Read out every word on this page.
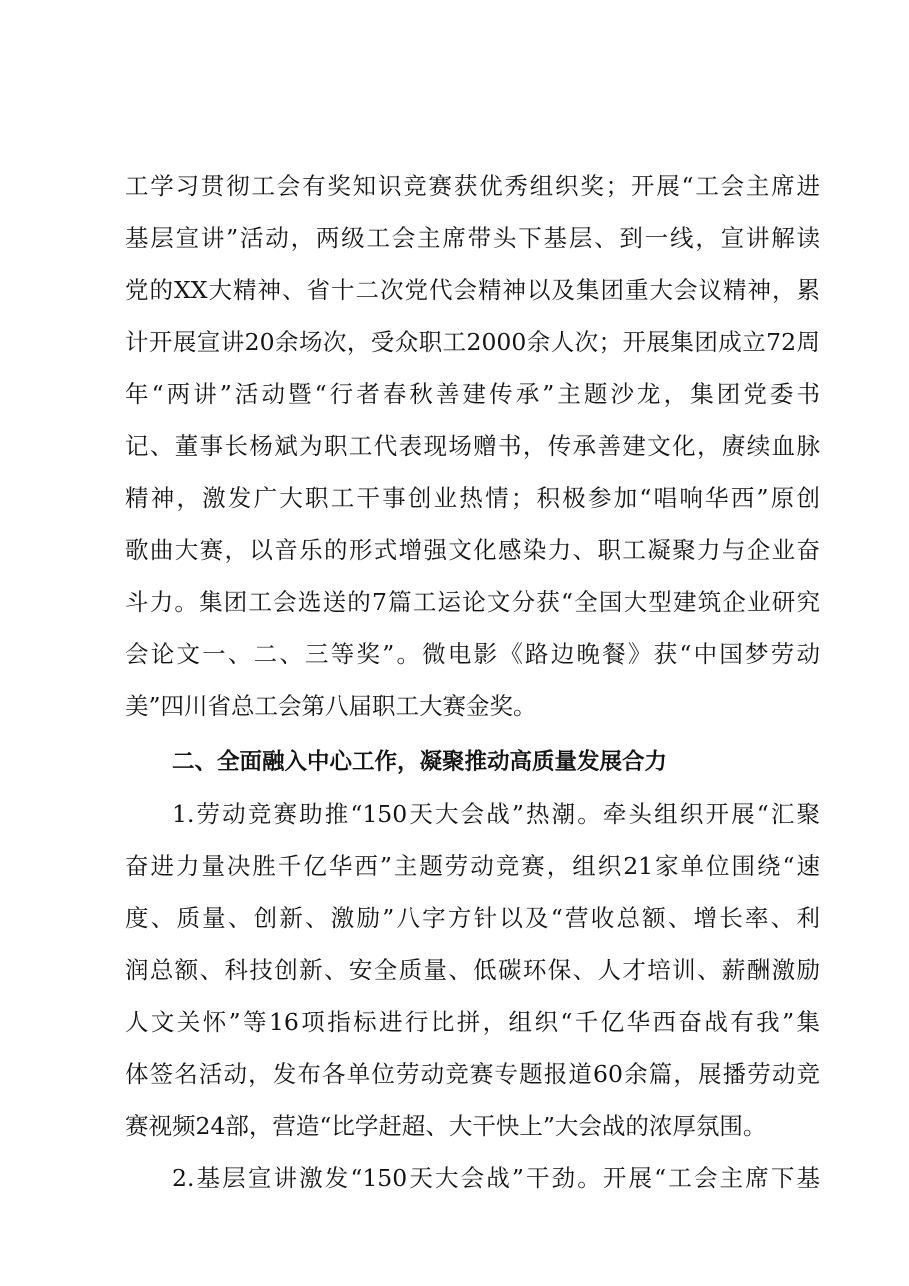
工学习贯彻工会有奖知识竞赛获优秀组织奖；开展“工会主席进
基层宣讲”活动，两级工会主席带头下基层、到一线，宣讲解读
党的XX大精神、省十二次党代会精神以及集团重大会议精神，累
计开展宣讲20余场次，受众职工2000余人次；开展集团成立72周
年“两讲”活动暨“行者春秋善建传承”主题沙龙，集团党委书
记、董事长杨斌为职工代表现场赠书，传承善建文化，赓续血脉
精神，激发广大职工干事创业热情；积极参加“唱响华西”原创
歌曲大赛，以音乐的形式增强文化感染力、职工凝聚力与企业奋
斗力。集团工会选送的7篇工运论文分获“全国大型建筑企业研究
会论文一、二、三等奖”。微电影《路边晚餐》获“中国梦劳动
美”四川省总工会第八届职工大赛金奖。
二、全面融入中心工作，凝聚推动高质量发展合力
1.劳动竞赛助推“150天大会战”热潮。牵头组织开展“汇聚
奋进力量决胜千亿华西”主题劳动竞赛，组织21家单位围绕“速
度、质量、创新、激励”八字方针以及“营收总额、增长率、利
润总额、科技创新、安全质量、低碳环保、人才培训、薪酬激励
人文关怀”等16项指标进行比拼，组织“千亿华西奋战有我”集
体签名活动，发布各单位劳动竞赛专题报道60余篇，展播劳动竞
赛视频24部，营造“比学赶超、大干快上”大会战的浓厚氛围。
2.基层宣讲激发“150天大会战”干劲。开展“工会主席下基
